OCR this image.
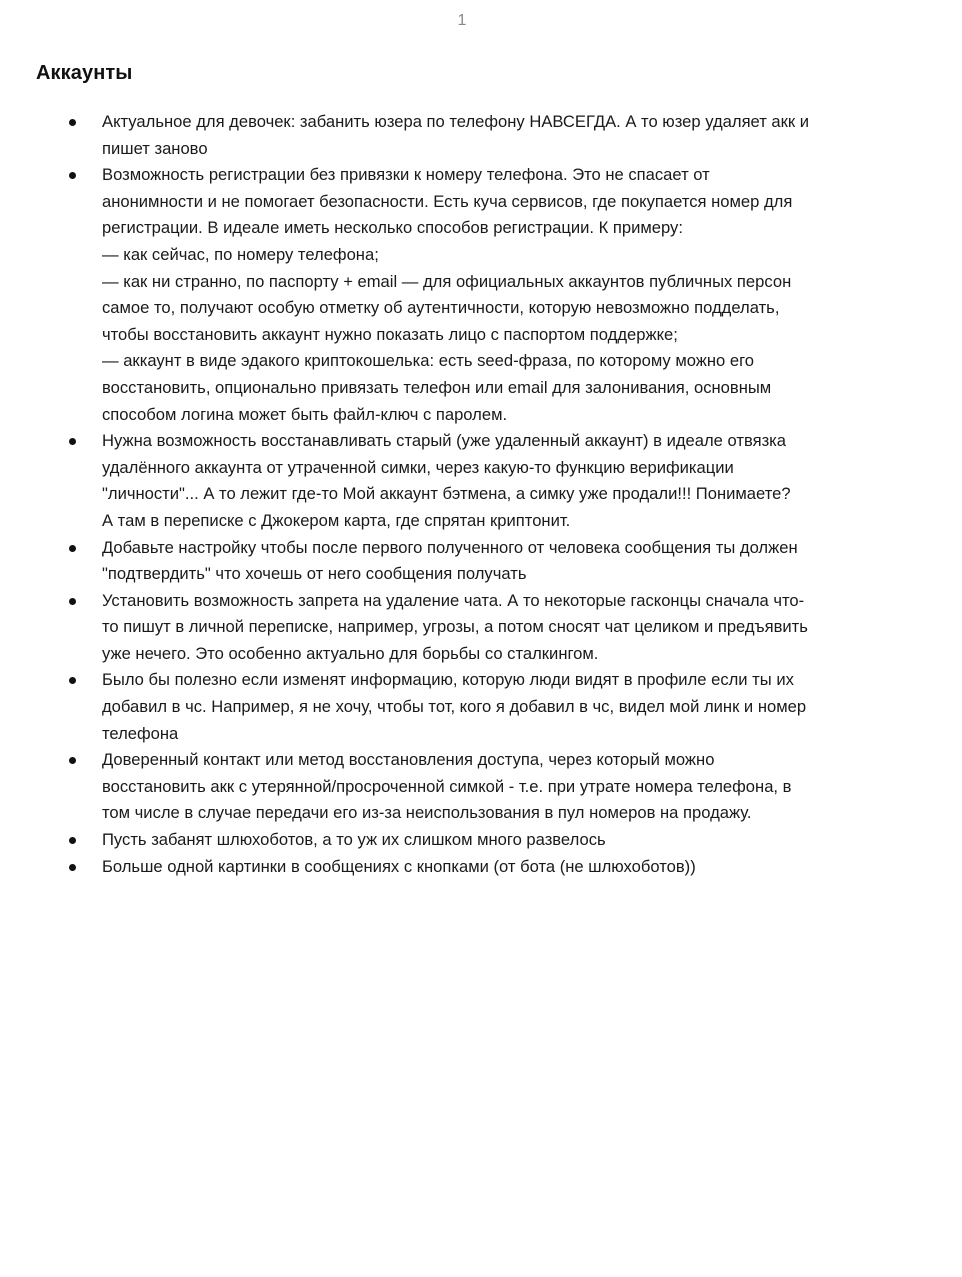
1
Аккаунты
Актуальное для девочек: забанить юзера по телефону НАВСЕГДА. А то юзер удаляет акк и
пишет заново
Возможность регистрации без привязки к номеру телефона. Это не спасает от
анонимности и не помогает безопасности. Есть куча сервисов, где покупается номер для
регистрации. В идеале иметь несколько способов регистрации. К примеру:
— как сейчас, по номеру телефона;
— как ни странно, по паспорту + email — для официальных аккаунтов публичных персон
самое то, получают особую отметку об аутентичности, которую невозможно подделать,
чтобы восстановить аккаунт нужно показать лицо с паспортом поддержке;
— аккаунт в виде эдакого криптокошелька: есть seed-фраза, по которому можно его
восстановить, опционально привязать телефон или email для залонивания, основным
способом логина может быть файл-ключ с паролем.
Нужна возможность восстанавливать старый (уже удаленный аккаунт) в идеале отвязка
удалённого аккаунта от утраченной симки, через какую-то функцию верификации
"личности"... А то лежит где-то Мой аккаунт бэтмена, а симку уже продали!!! Понимаете?
А там в переписке с Джокером карта, где спрятан криптонит.
Добавьте настройку чтобы после первого полученного от человека сообщения ты должен
"подтвердить" что хочешь от него сообщения получать
Установить возможность запрета на удаление чата. А то некоторые гасконцы сначала что-
то пишут в личной переписке, например, угрозы, а потом сносят чат целиком и предъявить
уже нечего. Это особенно актуально для борьбы со сталкингом.
Было бы полезно если изменят информацию, которую люди видят в профиле если ты их
добавил в чс. Например, я не хочу, чтобы тот, кого я добавил в чс, видел мой линк и номер
телефона
Доверенный контакт или метод восстановления доступа, через который можно
восстановить акк с утерянной/просроченной симкой - т.е. при утрате номера телефона, в
том числе в случае передачи его из-за неиспользования в пул номеров на продажу.
Пусть забанят шлюхоботов, а то уж их слишком много развелось
Больше одной картинки в сообщениях с кнопками (от бота (не шлюхоботов))
